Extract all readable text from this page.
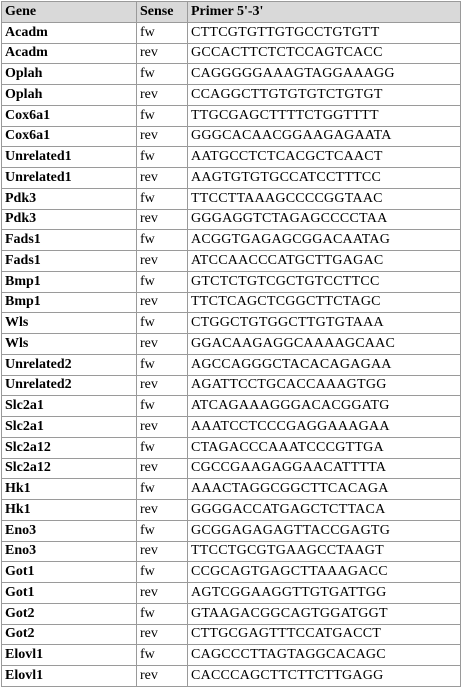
Gene	Sense	Primer 5'-3'
Acadm	fw	CTTCGTGTTGTGCCTGTGTT
Acadm	rev	GCCACTTCTCTCCAGTCACC
Oplah	fw	CAGGGGGAAAGTAGGAAAGG
Oplah	rev	CCAGGCTTGTGTGTCTGTGT
Cox6a1	fw	TTGCGAGCTTTTCTGGTTTT
Cox6a1	rev	GGGCACAACGGAAGAGAATA
Unrelated1	fw	AATGCCTCTCACGCTCAACT
Unrelated1	rev	AAGTGTGTGCCATCCTTTCC
Pdk3	fw	TTCCTTAAAGCCCCGGTAAC
Pdk3	rev	GGGAGGTCTAGAGCCCCTAA
Fads1	fw	ACGGTGAGAGCGGACAATAG
Fads1	rev	ATCCAACCCATGCTTGAGAC
Bmp1	fw	GTCTCTGTCGCTGTCCTTCC
Bmp1	rev	TTCTCAGCTCGGCTTCTAGC
Wls	fw	CTGGCTGTGGCTTGTGTAAA
Wls	rev	GGACAAGAGGCAAAAGCAAC
Unrelated2	fw	AGCCAGGGCTACACAGAGAA
Unrelated2	rev	AGATTCCTGCACCAAAGTGG
Slc2a1	fw	ATCAGAAAGGGACACGGATG
Slc2a1	rev	AAATCCTCCCGAGGAAAGAA
Slc2a12	fw	CTAGACCCAAATCCCGTTGA
Slc2a12	rev	CGCCGAAGAGGAACATTTTA
Hk1	fw	AAACTAGGCGGCTTCACAGA
Hk1	rev	GGGGACCATGAGCTCTTACA
Eno3	fw	GCGGAGAGAGTTACCGAGTG
Eno3	rev	TTCCTGCGTGAAGCCTAAGT
Got1	fw	CCGCAGTGAGCTTAAAGACC
Got1	rev	AGTCGGAAGGTTGTGATTGG
Got2	fw	GTAAGACGGCAGTGGATGGT
Got2	rev	CTTGCGAGTTTCCATGACCT
Elovl1	fw	CAGCCCTTAGTAGGCACAGC
Elovl1	rev	CACCCAGCTTCTTCTTGAGG
